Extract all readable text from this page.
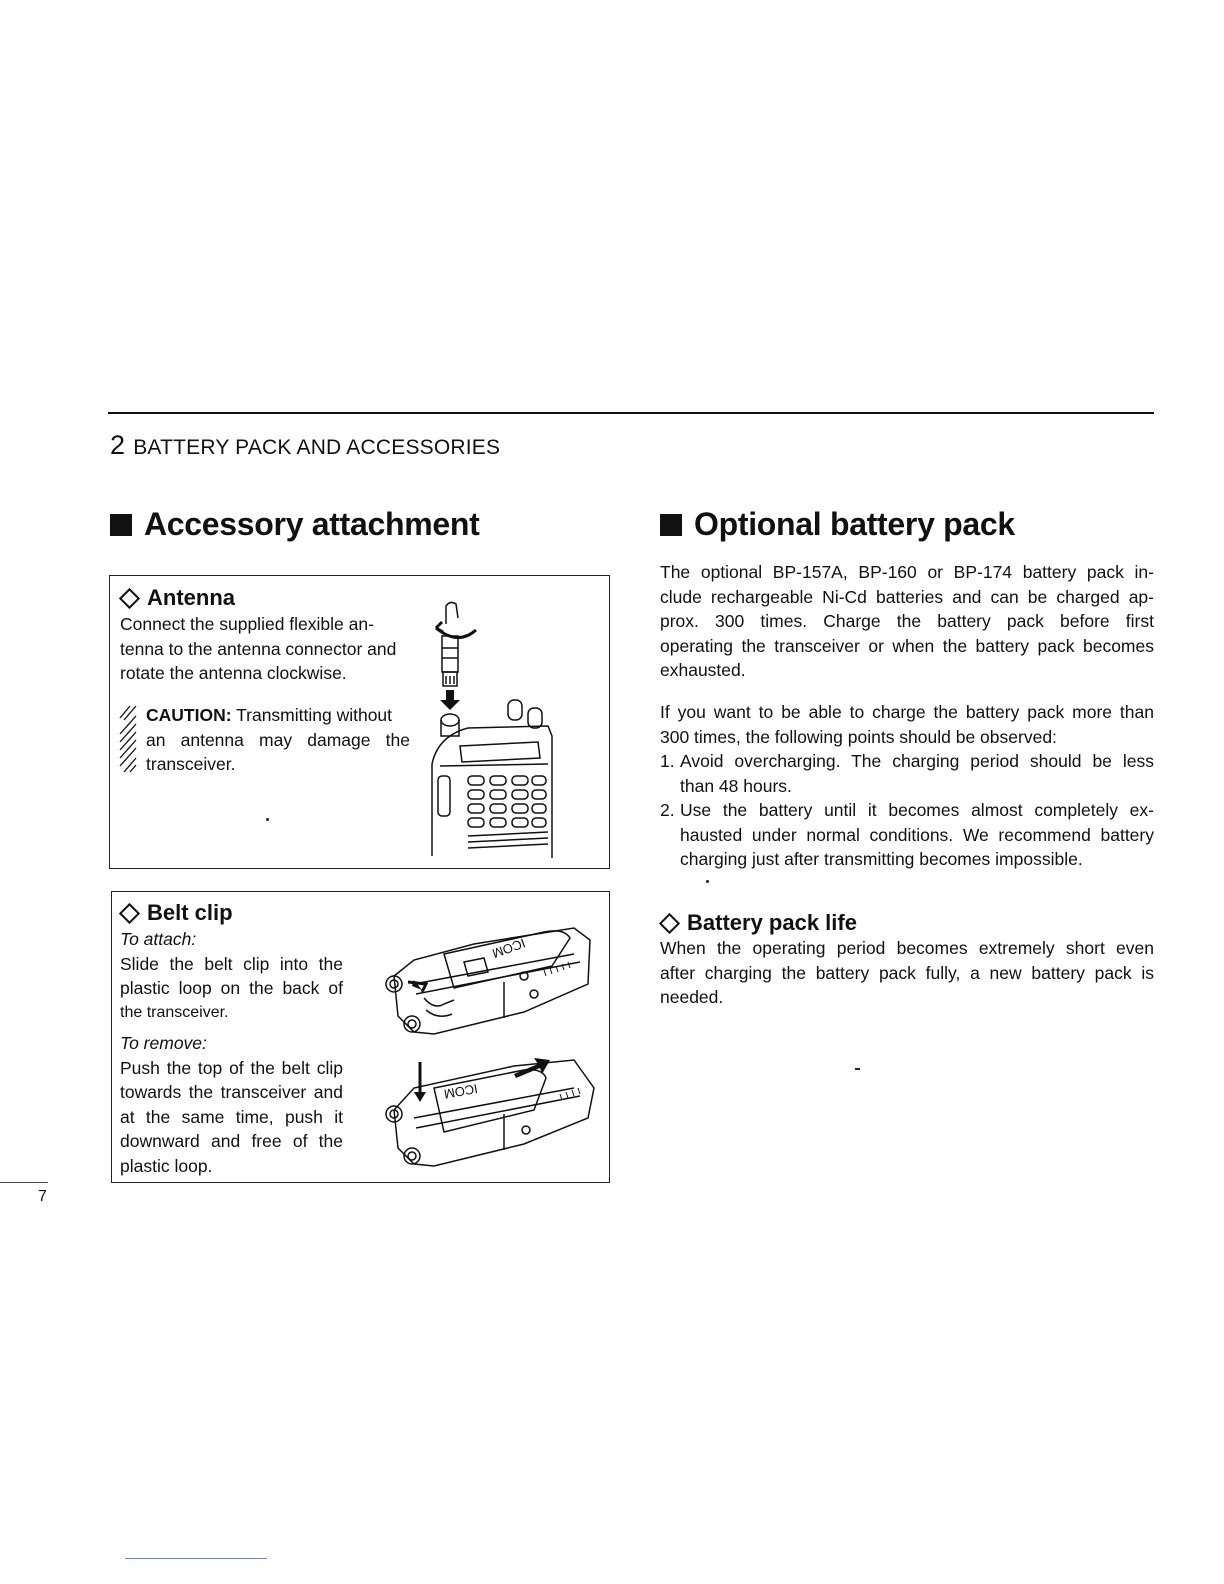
2 BATTERY PACK AND ACCESSORIES
Accessory attachment
Antenna

Connect the supplied flexible an-

tenna to the antenna connector and

rotate the antenna clockwise.

CAUTION: Transmitting without

an antenna may damage the

transceiver.

Belt clip

To attach:

Slide the belt clip into the

plastic loop on the back of

the transceiver.

To remove:

Push the top of the belt clip

towards the transceiver and

at the same time, push it

downward and free of the

plastic loop.

ICOM
ICOM
Optional battery pack

The optional BP-157A, BP-160 or BP-174 battery pack in-

clude rechargeable Ni-Cd batteries and can be charged ap-

prox. 300 times. Charge the battery pack before first

operating the transceiver or when the battery pack becomes

exhausted.

If you want to be able to charge the battery pack more than

300 times, the following points should be observed:

1. Avoid overcharging. The charging period should be less

than 48 hours.

2. Use the battery until it becomes almost completely ex-

hausted under normal conditions. We recommend battery

charging just after transmitting becomes impossible.

Battery pack life

When the operating period becomes extremely short even

after charging the battery pack fully, a new battery pack is

needed.

7
